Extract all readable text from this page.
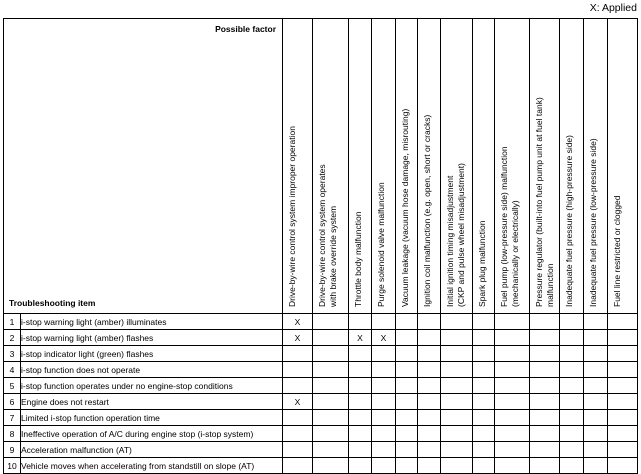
X: Applied
Possible factor
Troubleshooting item		Drive-by-wire control system improper operation	Drive-by-wire control system operates with brake override system	Throttle body malfunction	Purge solenoid valve malfunction	Vacuum leakage (vacuum hose damage, misrouting)	Ignition coil malfunction (e.g. open, short or cracks)	Initial ignition timing misadjustment (CKP and pulse wheel misadjustment)	Spark plug malfunction	Fuel pump (low-pressure side) malfunction (mechanically or electrically)	Pressure regulator (built-into fuel pump unit at fuel tank) malfunction	Inadequate fuel pressure (high-pressure side)	Inadequate fuel pressure (low-pressure side)	Fuel line restricted or clogged

1	i-stop warning light (amber) illuminates	X												
2	i-stop warning light (amber) flashes	X		X	X									
3	i-stop indicator light (green) flashes													
4	i-stop function does not operate													
5	i-stop function operates under no engine-stop conditions													
6	Engine does not restart	X												
7	Limited i-stop function operation time													
8	Ineffective operation of A/C during engine stop (i-stop system)													
9	Acceleration malfunction (AT)													
10	Vehicle moves when accelerating from standstill on slope (AT)													
